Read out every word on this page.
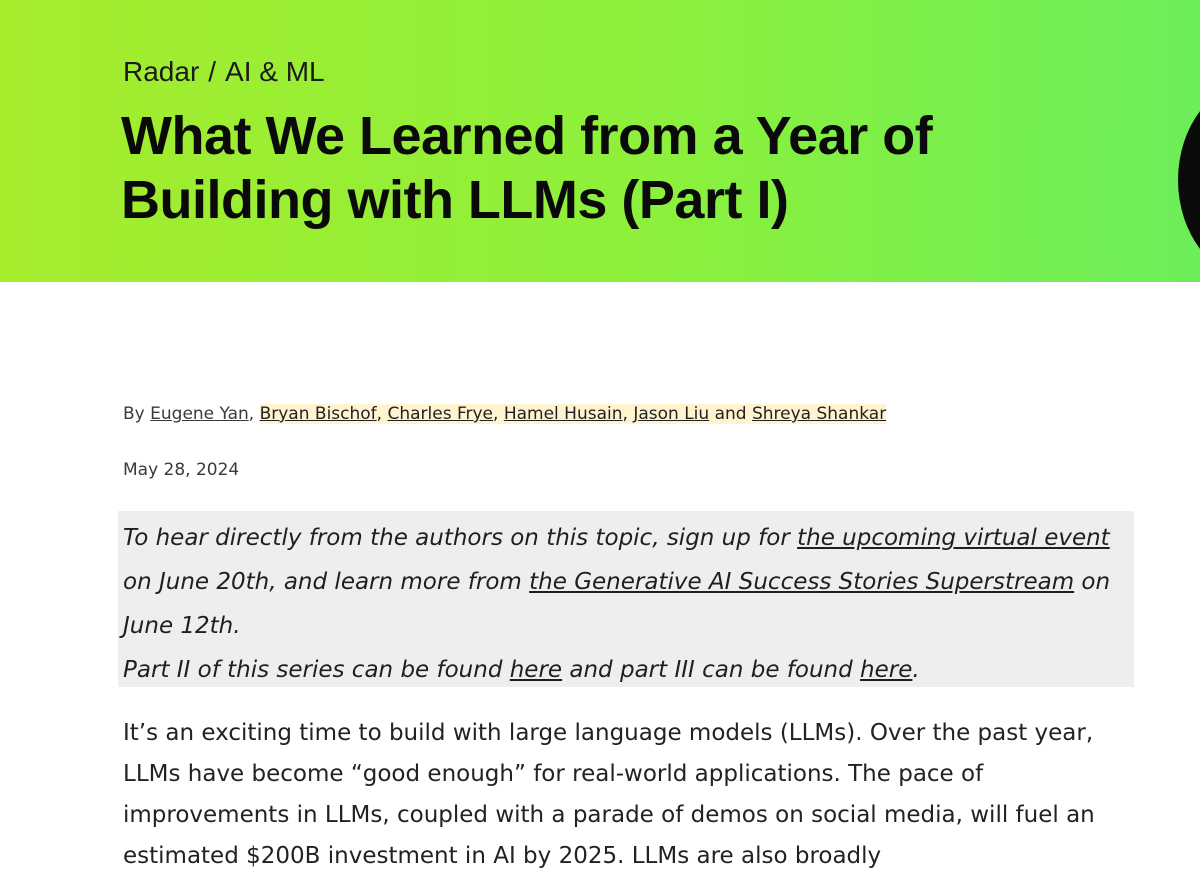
Radar / AI & ML
What We Learned from a Year of Building with LLMs (Part I)
By Eugene Yan, Bryan Bischof, Charles Frye, Hamel Husain, Jason Liu and Shreya Shankar
May 28, 2024

To hear directly from the authors on this topic, sign up for the upcoming virtual event on June 20th, and learn more from the Generative AI Success Stories Superstream on June 12th.

Part II of this series can be found here and part III can be found here.

It’s an exciting time to build with large language models (LLMs). Over the past year, LLMs have become “good enough” for real-world applications. The pace of improvements in LLMs, coupled with a parade of demos on social media, will fuel an estimated $200B investment in AI by 2025. LLMs are also broadly
